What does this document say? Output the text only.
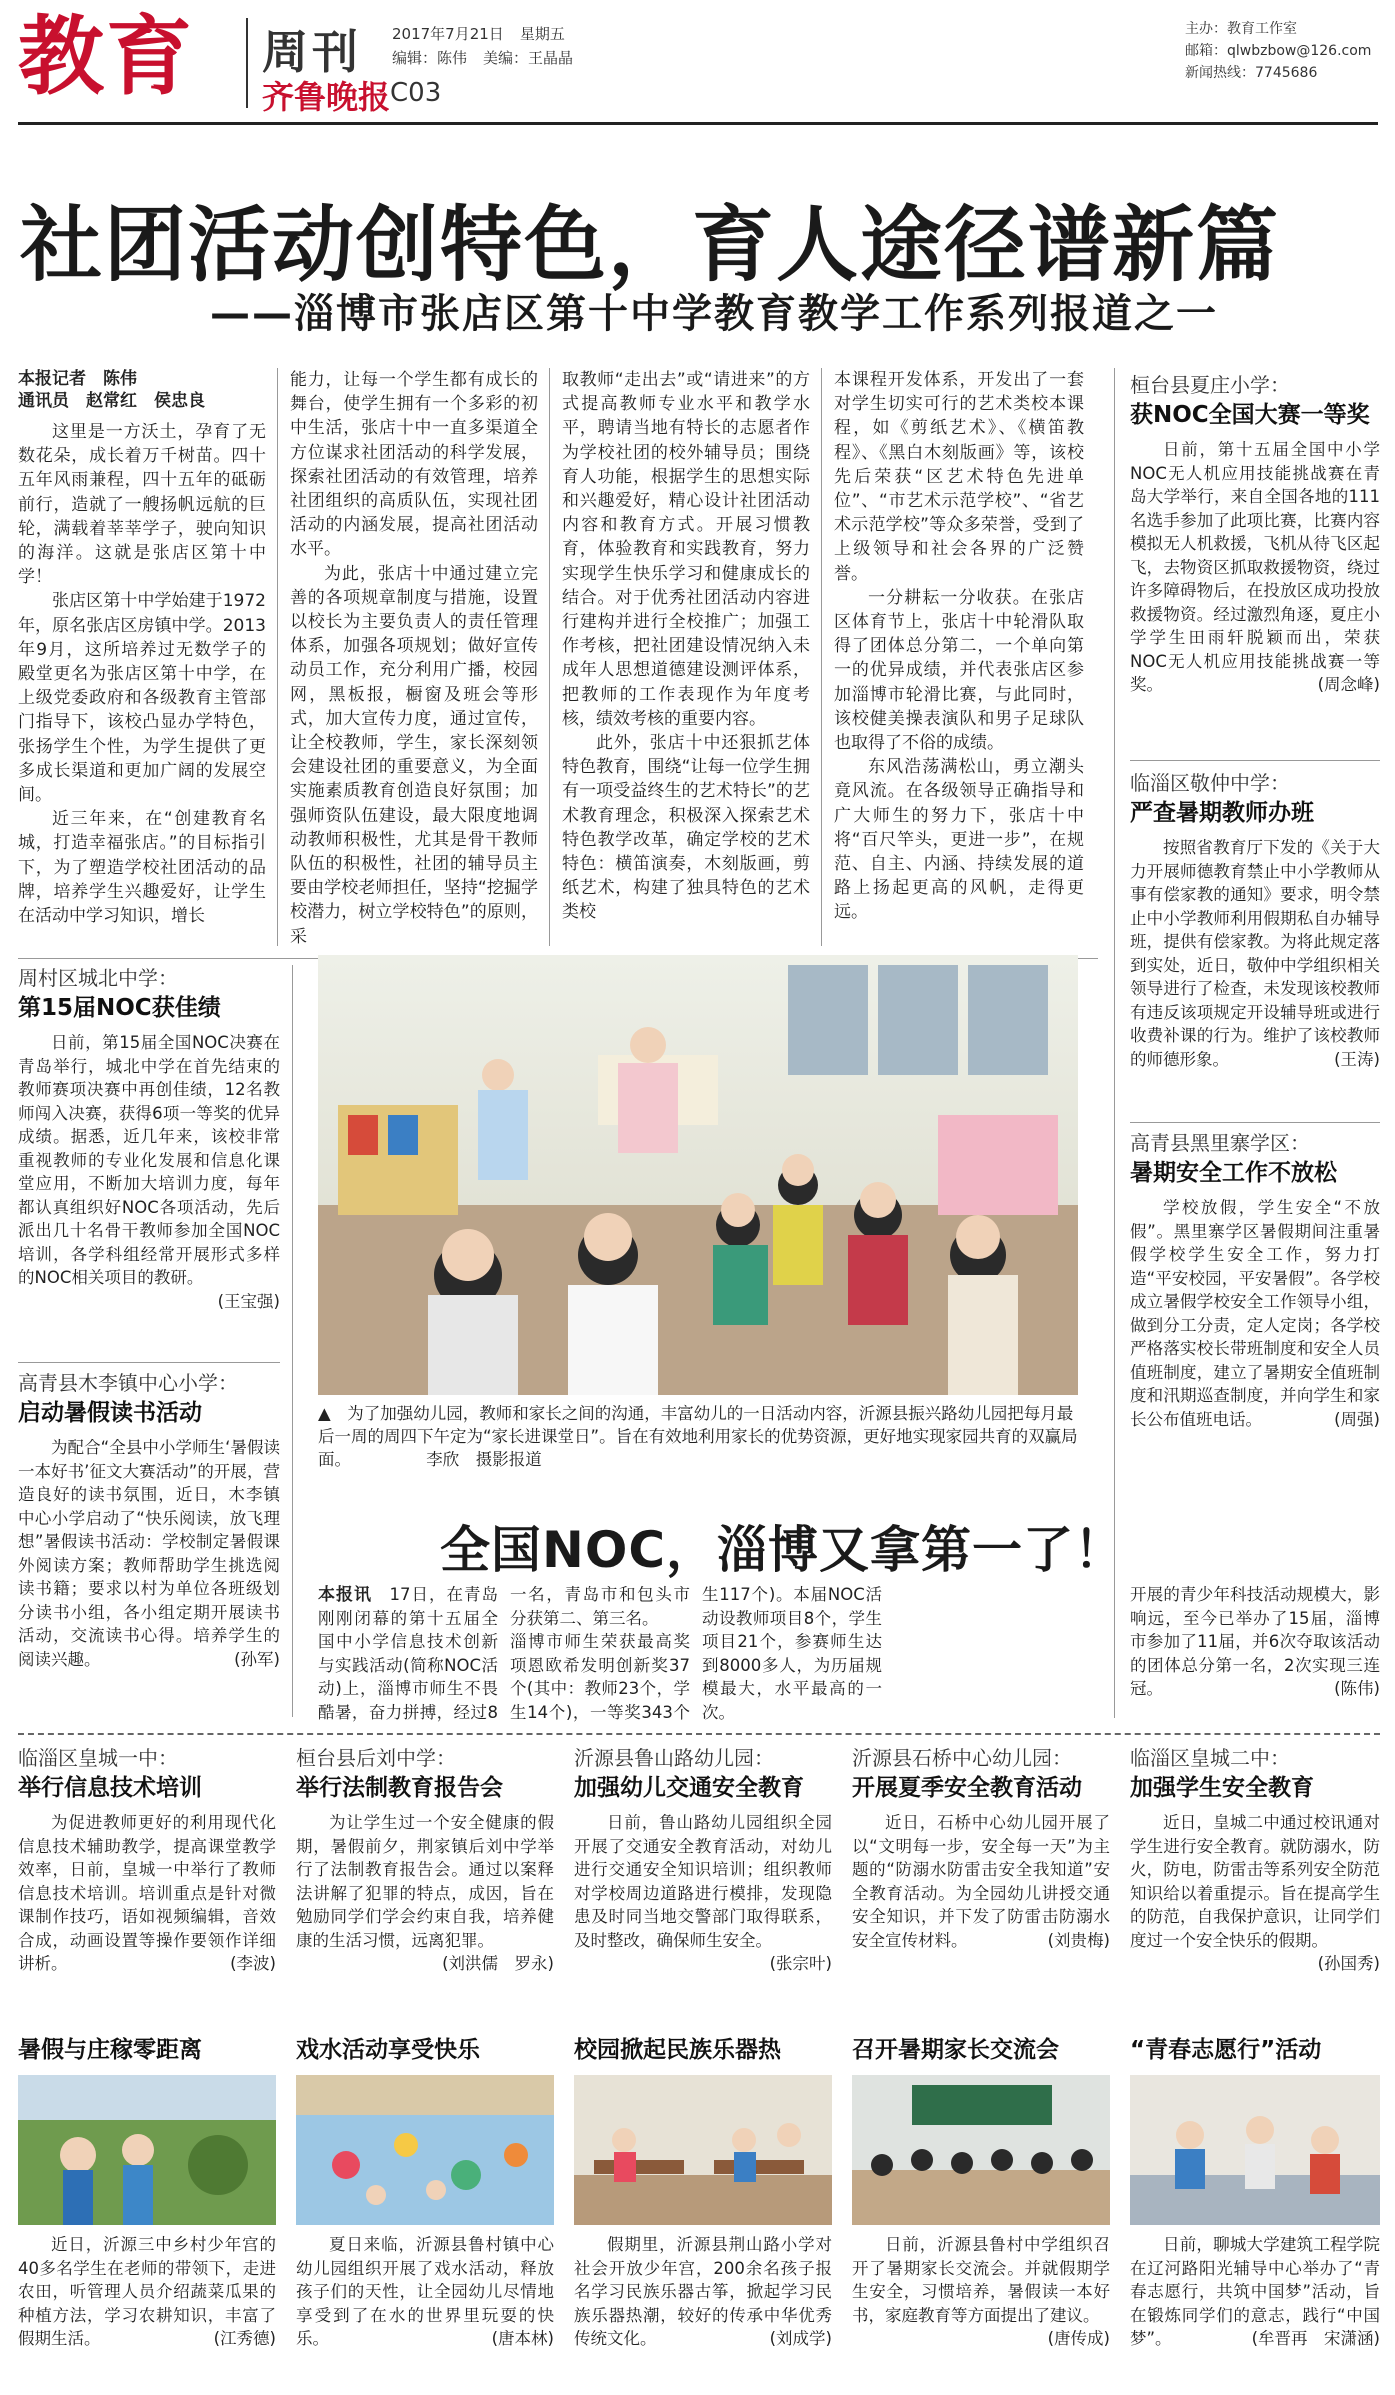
教育 周刊
齐鲁晚报 C03
2017年7月21日 星期五
编辑：陈伟 美编：王晶晶
主办：教育工作室
邮箱：qlwbzbow@126.com
新闻热线：7745686
社团活动创特色，育人途径谱新篇
——淄博市张店区第十中学教育教学工作系列报道之一
本报记者　陈伟
通讯员　赵常红　侯忠良

这里是一方沃土，孕育了无数花朵，成长着万千树苗。四十五年风雨兼程，四十五年的砥砺前行，造就了一艘扬帆远航的巨轮，满载着莘莘学子，驶向知识的海洋。这就是张店区第十中学！

张店区第十中学始建于1972年，原名张店区房镇中学。2013年9月，这所培养过无数学子的殿堂更名为张店区第十中学，在上级党委政府和各级教育主管部门指导下，该校凸显办学特色，张扬学生个性，为学生提供了更多成长渠道和更加广阔的发展空间。

近三年来，在“创建教育名城，打造幸福张店。”的目标指引下，为了塑造学校社团活动的品牌，培养学生兴趣爱好，让学生在活动中学习知识，增长

能力，让每一个学生都有成长的舞台，使学生拥有一个多彩的初中生活，张店十中一直多渠道全方位谋求社团活动的科学发展，探索社团活动的有效管理，培养社团组织的高质队伍，实现社团活动的内涵发展，提高社团活动水平。

为此，张店十中通过建立完善的各项规章制度与措施，设置以校长为主要负责人的责任管理体系，加强各项规划；做好宣传动员工作，充分利用广播，校园网，黑板报，橱窗及班会等形式，加大宣传力度，通过宣传，让全校教师，学生，家长深刻领会建设社团的重要意义，为全面实施素质教育创造良好氛围；加强师资队伍建设，最大限度地调动教师积极性，尤其是骨干教师队伍的积极性，社团的辅导员主要由学校老师担任，坚持“挖掘学校潜力，树立学校特色”的原则，采

取教师“走出去”或“请进来”的方式提高教师专业水平和教学水平，聘请当地有特长的志愿者作为学校社团的校外辅导员；围绕育人功能，根据学生的思想实际和兴趣爱好，精心设计社团活动内容和教育方式。开展习惯教育，体验教育和实践教育，努力实现学生快乐学习和健康成长的结合。对于优秀社团活动内容进行建构并进行全校推广；加强工作考核，把社团建设情况纳入未成年人思想道德建设测评体系，把教师的工作表现作为年度考核，绩效考核的重要内容。

此外，张店十中还狠抓艺体特色教育，围绕“让每一位学生拥有一项受益终生的艺术特长”的艺术教育理念，积极深入探索艺术特色教学改革，确定学校的艺术特色：横笛演奏，木刻版画，剪纸艺术，构建了独具特色的艺术类校

本课程开发体系，开发出了一套对学生切实可行的艺术类校本课程，如《剪纸艺术》、《横笛教程》、《黑白木刻版画》等，该校先后荣获“区艺术特色先进单位”、“市艺术示范学校”、“省艺术示范学校”等众多荣誉，受到了上级领导和社会各界的广泛赞誉。

一分耕耘一分收获。在张店区体育节上，张店十中轮滑队取得了团体总分第二，一个单向第一的优异成绩，并代表张店区参加淄博市轮滑比赛，与此同时，该校健美操表演队和男子足球队也取得了不俗的成绩。

东风浩荡满松山，勇立潮头竟风流。在各级领导正确指导和广大师生的努力下，张店十中将“百尺竿头，更进一步”，在规范、自主、内涵、持续发展的道路上扬起更高的风帆，走得更远。

桓台县夏庄小学：
获NOC全国大赛一等奖
日前，第十五届全国中小学NOC无人机应用技能挑战赛在青岛大学举行，来自全国各地的111名选手参加了此项比赛，比赛内容模拟无人机救援，飞机从待飞区起飞，去物资区抓取救援物资，绕过许多障碍物后，在投放区成功投放救援物资。经过激烈角逐，夏庄小学学生田雨轩脱颖而出，荣获NOC无人机应用技能挑战赛一等奖。	(周念峰)
临淄区敬仲中学：
严查暑期教师办班
按照省教育厅下发的《关于大力开展师德教育禁止中小学教师从事有偿家教的通知》要求，明令禁止中小学教师利用假期私自办辅导班，提供有偿家教。为将此规定落到实处，近日，敬仲中学组织相关领导进行了检查，未发现该校教师有违反该项规定开设辅导班或进行收费补课的行为。维护了该校教师的师德形象。	(王涛)
高青县黑里寨学区：
暑期安全工作不放松
学校放假，学生安全“不放假”。黑里寨学区暑假期间注重暑假学校学生安全工作，努力打造“平安校园，平安暑假”。各学校成立暑假学校安全工作领导小组，做到分工分责，定人定岗；各学校严格落实校长带班制度和安全人员值班制度，建立了暑期安全值班制度和汛期巡查制度，并向学生和家长公布值班电话。	(周强)
周村区城北中学：
第15届NOC获佳绩
日前，第15届全国NOC决赛在青岛举行，城北中学在首先结束的教师赛项决赛中再创佳绩，12名教师闯入决赛，获得6项一等奖的优异成绩。据悉，近几年来，该校非常重视教师的专业化发展和信息化课堂应用，不断加大培训力度，每年都认真组织好NOC各项活动，先后派出几十名骨干教师参加全国NOC培训，各学科组经常开展形式多样的NOC相关项目的教研。
(王宝强)
高青县木李镇中心小学：
启动暑假读书活动
为配合“全县中小学师生‘暑假读一本好书’征文大赛活动”的开展，营造良好的读书氛围，近日，木李镇中心小学启动了“快乐阅读，放飞理想”暑假读书活动：学校制定暑假课外阅读方案；教师帮助学生挑选阅读书籍；要求以村为单位各班级划分读书小组，各小组定期开展读书活动，交流读书心得。培养学生的阅读兴趣。	(孙军)
▲　为了加强幼儿园，教师和家长之间的沟通，丰富幼儿的一日活动内容，沂源县振兴路幼儿园把每月最后一周的周四下午定为“家长进课堂日”。旨在有效地利用家长的优势资源，更好地实现家园共育的双赢局面。	李欣　摄影报道
全国NOC，淄博又拿第一了！
本报讯　 17日，在青岛刚刚闭幕的第十五届全国中小学信息技术创新与实践活动(简称NOC活动)上，淄博市师生不畏酷暑，奋力拼搏，经过8
一名，青岛市和包头市分获第二、第三名。
淄博市师生荣获最高奖项恩欧希发明创新奖37个(其中：教师23个，学生14个)，一等奖343个
生117个)。本届NOC活动设教师项目8个，学生项目21个，参赛师生达到8000多人，为历届规模最大，水平最高的一次。

开展的青少年科技活动规模大，影响远，至今已举办了15届，淄博市参加了11届，并6次夺取该活动的团体总分第一名，2次实现三连冠。	(陈伟)
临淄区皇城一中：
举行信息技术培训
为促进教师更好的利用现代化信息技术辅助教学，提高课堂教学效率，日前，皇城一中举行了教师信息技术培训。培训重点是针对微课制作技巧，语如视频编辑，音效合成，动画设置等操作要领作详细讲析。	(李波)
桓台县后刘中学：
举行法制教育报告会
为让学生过一个安全健康的假期，暑假前夕，荆家镇后刘中学举行了法制教育报告会。通过以案释法讲解了犯罪的特点，成因，旨在勉励同学们学会约束自我，培养健康的生活习惯，远离犯罪。
(刘洪儒　罗永)
沂源县鲁山路幼儿园：
加强幼儿交通安全教育
日前，鲁山路幼儿园组织全园开展了交通安全教育活动，对幼儿进行交通安全知识培训；组织教师对学校周边道路进行模排，发现隐患及时同当地交警部门取得联系，及时整改，确保师生安全。
(张宗叶)
沂源县石桥中心幼儿园：
开展夏季安全教育活动
近日，石桥中心幼儿园开展了以“文明每一步，安全每一天”为主题的“防溺水防雷击安全我知道”安全教育活动。为全园幼儿讲授交通安全知识，并下发了防雷击防溺水安全宣传材料。	(刘贵梅)
临淄区皇城二中：
加强学生安全教育
近日，皇城二中通过校讯通对学生进行安全教育。就防溺水，防火，防电，防雷击等系列安全防范知识给以着重提示。旨在提高学生的防范，自我保护意识，让同学们度过一个安全快乐的假期。
(孙国秀)
暑假与庄稼零距离
近日，沂源三中乡村少年宫的40多名学生在老师的带领下，走进农田，听管理人员介绍蔬菜瓜果的种植方法，学习农耕知识，丰富了假期生活。	(江秀德)
戏水活动享受快乐
夏日来临，沂源县鲁村镇中心幼儿园组织开展了戏水活动，释放孩子们的天性，让全园幼儿尽情地享受到了在水的世界里玩耍的快乐。	(唐本林)
校园掀起民族乐器热
假期里，沂源县荆山路小学对社会开放少年宫，200余名孩子报名学习民族乐器古筝，掀起学习民族乐器热潮，较好的传承中华优秀传统文化。	(刘成学)
召开暑期家长交流会
日前，沂源县鲁村中学组织召开了暑期家长交流会。并就假期学生安全，习惯培养，暑假读一本好书，家庭教育等方面提出了建议。
(唐传成)
“青春志愿行”活动
日前，聊城大学建筑工程学院在辽河路阳光辅导中心举办了“青春志愿行，共筑中国梦”活动，旨在锻炼同学们的意志，践行“中国梦”。	(牟晋再　宋潇涵)
